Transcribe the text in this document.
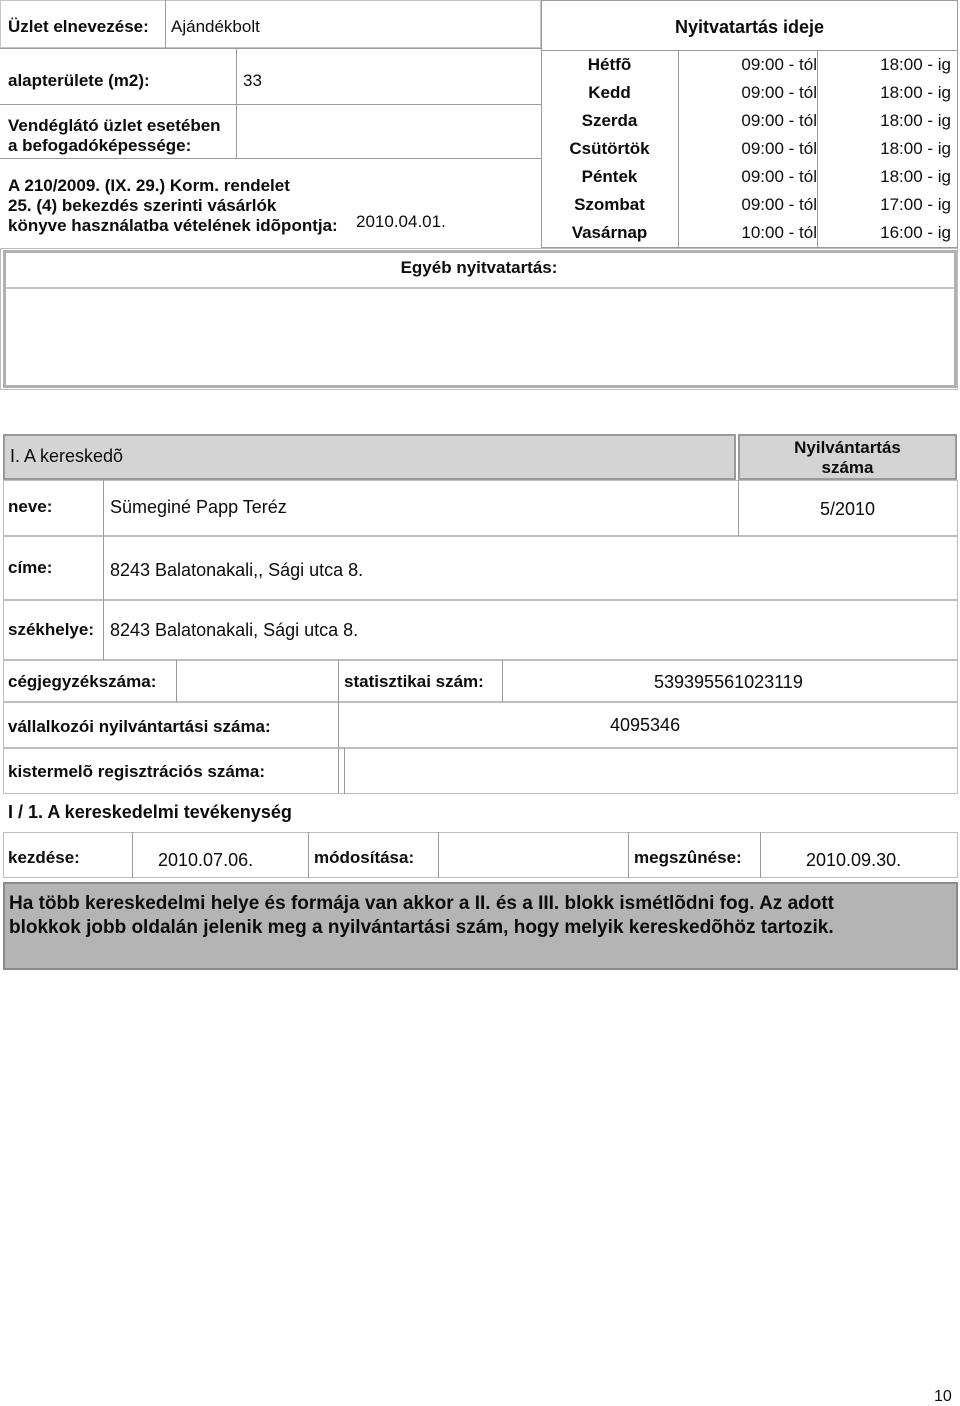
Üzlet elnevezése: Ajándékbolt
alapterülete (m2):	33
Vendéglátó üzlet esetében
a befogadóképessége:
A 210/2009. (IX. 29.) Korm. rendelet
25. (4) bekezdés szerinti vásárlók
könyve használatba vételének idõpontja: 2010.04.01.
Nyitvatartás ideje
Hétfõ	09:00 - tól	18:00 - ig
Kedd	09:00 - tól	18:00 - ig
Szerda	09:00 - tól	18:00 - ig
Csütörtök	09:00 - tól	18:00 - ig
Péntek	09:00 - tól	18:00 - ig
Szombat	09:00 - tól	17:00 - ig
Vasárnap	10:00 - tól	16:00 - ig
Egyéb nyitvatartás:
I. A kereskedõ	Nyilvántartás
száma
neve:	Sümeginé Papp Teréz	5/2010
címe:	8243 Balatonakali,, Sági utca 8.
székhelye: 8243 Balatonakali, Sági utca 8.
cégjegyzékszáma:	statisztikai szám:	539395561023119
vállalkozói nyilvántartási száma:	4095346
kistermelõ regisztrációs száma:
I / 1. A kereskedelmi tevékenység
kezdése:	2010.07.06.	módosítása:	megszûnése:	2010.09.30.
Ha több kereskedelmi helye és formája van akkor a II. és a III. blokk ismétlõdni fog. Az adott blokkok jobb oldalán jelenik meg a nyilvántartási szám, hogy melyik kereskedõhöz tartozik.
10
